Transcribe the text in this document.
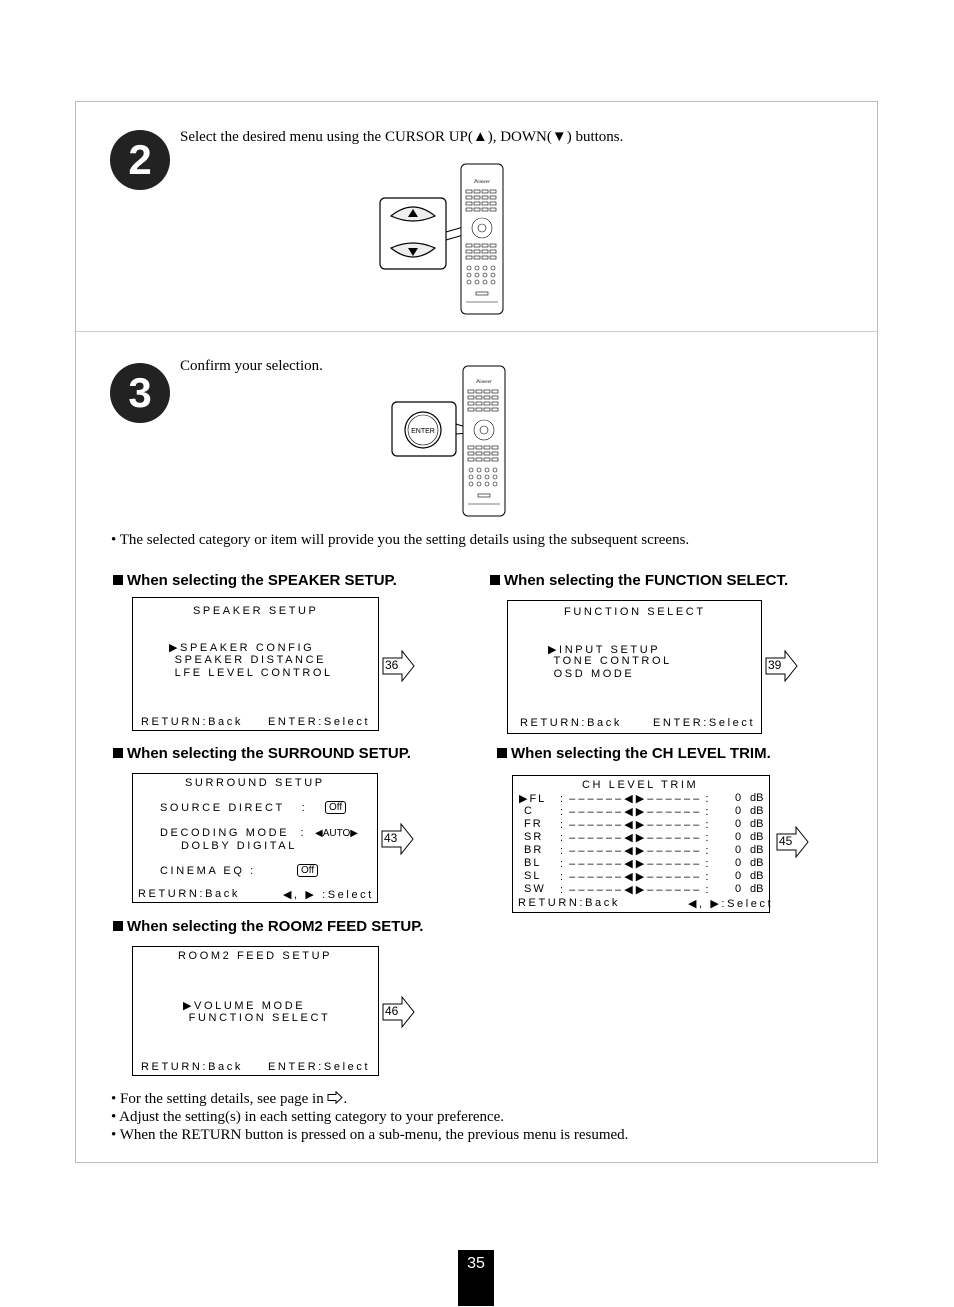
2	Select the desired menu using the CURSOR UP(▲), DOWN(▼) buttons.
Pioneer
3
Confirm your selection.
ENTER
Pioneer
• The selected category or item will provide you the setting details using the subsequent screens.
When selecting the SPEAKER SETUP.
SPEAKER SETUP
▶SPEAKER CONFIG
SPEAKER DISTANCE
LFE LEVEL CONTROL
RETURN:Back ENTER:Select
36
When selecting the FUNCTION SELECT.
FUNCTION SELECT
▶INPUT SETUP
TONE CONTROL
OSD MODE
RETURN:Back	ENTER:Select
39
When selecting the SURROUND SETUP.
SURROUND SETUP
SOURCE DIRECT   :	Off
DECODING MODE  : ◀AUTO▶
DOLBY DIGITAL
CINEMA EQ :	Off
RETURN:Back	◀, ▶ :Select
43
When selecting the CH LEVEL TRIM.
CH LEVEL TRIM
RETURN:Back	◀, ▶:Select
▶FL :  – – – – – – ◀ ▶ – – – – – –  : 0 dB
C :  – – – – – – ◀ ▶ – – – – – –  : 0 dB
FR :  – – – – – – ◀ ▶ – – – – – –  : 0 dB
SR :  – – – – – – ◀ ▶ – – – – – –  : 0 dB
BR :  – – – – – – ◀ ▶ – – – – – –  : 0 dB
BL :  – – – – – – ◀ ▶ – – – – – –  : 0 dB
SL :  – – – – – – ◀ ▶ – – – – – –  : 0 dB
SW :  – – – – – – ◀ ▶ – – – – – –  : 0 dB
45
When selecting the ROOM2 FEED SETUP.
ROOM2 FEED SETUP
▶VOLUME MODE
FUNCTION SELECT
RETURN:Back ENTER:Select
46
• For the setting details, see page in .
• Adjust the setting(s) in each setting category to your preference.
• When the RETURN button is pressed on a sub-menu, the previous menu is resumed.
35
